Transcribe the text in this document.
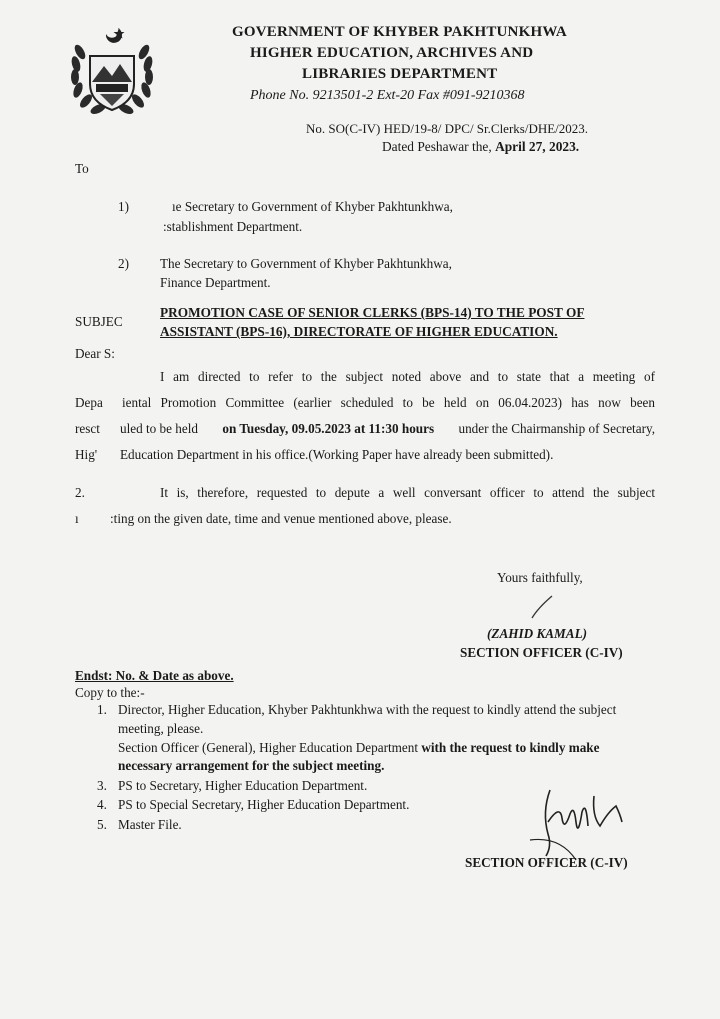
GOVERNMENT OF KHYBER PAKHTUNKHWA
HIGHER EDUCATION, ARCHIVES AND
LIBRARIES DEPARTMENT
Phone No. 9213501-2 Ext-20 Fax #091-9210368
No. SO(C-IV) HED/19-8/ DPC/ Sr.Clerks/DHE/2023.
Dated Peshawar the, April 27, 2023.
To
1)	ıe Secretary to Government of Khyber Pakhtunkhwa,
:stablishment Department.
2) The Secretary to Government of Khyber Pakhtunkhwa,
Finance Department.
SUBJEC
PROMOTION CASE OF SENIOR CLERKS (BPS-14) TO THE POST OF
ASSISTANT (BPS-16), DIRECTORATE OF HIGHER EDUCATION.
Dear S:
I am directed to refer to the subject noted above and to state that a meeting of
Depa iental Promotion Committee (earlier scheduled to be held on 06.04.2023) has now been
resct uled to be held on Tuesday, 09.05.2023 at 11:30 hours under the Chairmanship of Secretary,
Hig' Education Department in his office.(Working Paper have already been submitted).
2.	It is, therefore, requested to depute a well conversant officer to attend the subject
ı :ting on the given date, time and venue mentioned above, please.
Yours faithfully,
(ZAHID KAMAL)
SECTION OFFICER (C-IV)
Endst: No. & Date as above.
Copy to the:-
1. Director, Higher Education, Khyber Pakhtunkhwa with the request to kindly attend the subject
meeting, please.
Section Officer (General), Higher Education Department with the request to kindly make
necessary arrangement for the subject meeting.
3. PS to Secretary, Higher Education Department.
4. PS to Special Secretary, Higher Education Department.
5. Master File.
SECTION OFFICER (C-IV)
